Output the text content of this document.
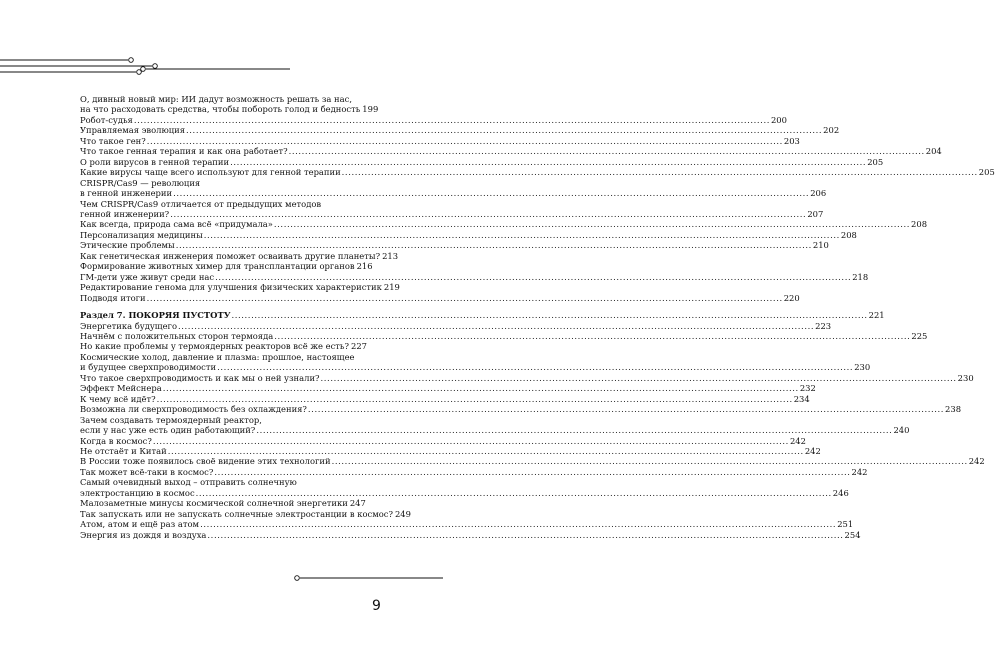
О, дивный новый мир: ИИ дадут возможность решать за нас,
на что расходовать средства, чтобы побороть голод и бедность 199
Робот-судья .....	200
Управляемая эволюция .....	202
Что такое ген? .....	203
Что такое генная терапия и как она работает? .....	204
О роли вирусов в генной терапии .....	205
Какие вирусы чаще всего используют для генной терапии .....	205
CRISPR/Cas9 — революция
в генной инженерии .....	206
Чем CRISPR/Cas9 отличается от предыдущих методов
генной инженерии? .....	207
Как всегда, природа сама всё «придумала» .....	208
Персонализация медицины .....	208
Этические проблемы .....	210
Как генетическая инженерия поможет осваивать другие планеты? 213
Формирование животных химер для трансплантации органов 216
ГМ-дети уже живут среди нас .....	218
Редактирование генома для улучшения физических характеристик 219
Подводя итоги .....	220
Раздел 7. ПОКОРЯЯ ПУСТОТУ .....	221
Энергетика будущего .....	223
Начнём с положительных сторон термояда .....	225
Но какие проблемы у термоядерных реакторов всё же есть? 227
Космические холод, давление и плазма: прошлое, настоящее
и будущее сверхпроводимости .....	230
Что такое сверхпроводимость и как мы о ней узнали? .....	230
Эффект Мейснера .....	232
К чему всё идёт? .....	234
Возможна ли сверхпроводимость без охлаждения? .....	238
Зачем создавать термоядерный реактор,
если у нас уже есть один работающий? .....	240
Когда в космос? .....	242
Не отстаёт и Китай .....	242
В России тоже появилось своё видение этих технологий .....	242
Так может всё-таки в космос? .....	242
Самый очевидный выход – отправить солнечную
электростанцию в космос .....	246
Малозаметные минусы космической солнечной энергетики 247
Так запускать или не запускать солнечные электростанции в космос? 249
Атом, атом и ещё раз атом .....	251
Энергия из дождя и воздуха .....	254
9
